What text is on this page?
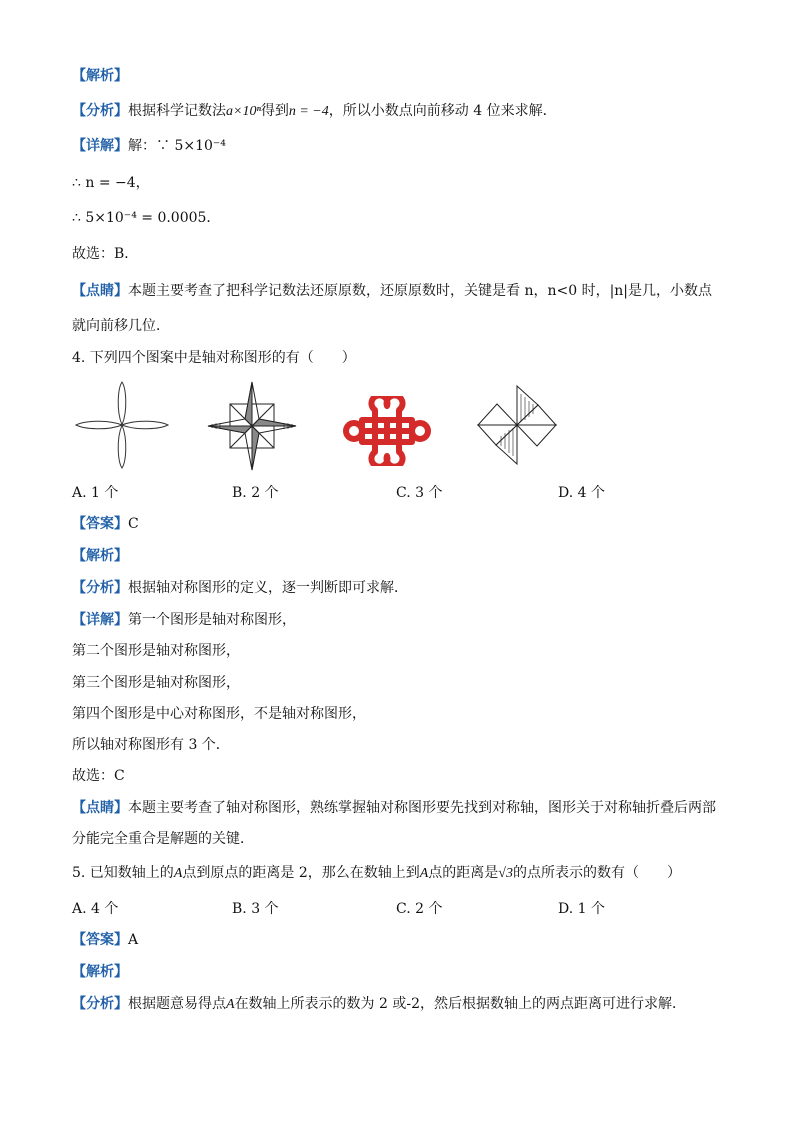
【解析】
【分析】根据科学记数法a×10ⁿ得到n = −4，所以小数点向前移动 4 位来求解．
【详解】解：∵ 5×10⁻⁴
∴ n = −4，
∴ 5×10⁻⁴ = 0.0005．
故选：B．
【点睛】本题主要考查了把科学记数法还原原数，还原原数时，关键是看 n，n<0 时，|n|是几，小数点
就向前移几位．
4. 下列四个图案中是轴对称图形的有（　　）
A. 1 个	B. 2 个	C. 3 个	D. 4 个
【答案】C
【解析】
【分析】根据轴对称图形的定义，逐一判断即可求解．
【详解】第一个图形是轴对称图形，
第二个图形是轴对称图形，
第三个图形是轴对称图形，
第四个图形是中心对称图形，不是轴对称图形，
所以轴对称图形有 3 个．
故选：C
【点睛】本题主要考查了轴对称图形，熟练掌握轴对称图形要先找到对称轴，图形关于对称轴折叠后两部
分能完全重合是解题的关键．
5. 已知数轴上的A点到原点的距离是 2，那么在数轴上到A点的距离是√3的点所表示的数有（　　）
A. 4 个	B. 3 个	C. 2 个	D. 1 个
【答案】A
【解析】
【分析】根据题意易得点A在数轴上所表示的数为 2 或-2，然后根据数轴上的两点距离可进行求解．
